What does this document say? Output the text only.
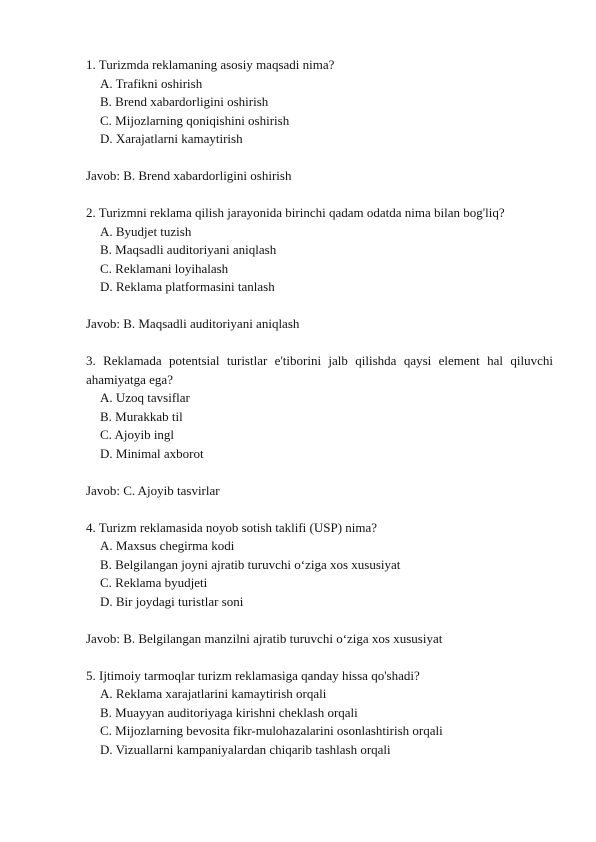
1. Turizmda reklamaning asosiy maqsadi nima?

A. Trafikni oshirish

B. Brend xabardorligini oshirish

C. Mijozlarning qoniqishini oshirish

D. Xarajatlarni kamaytirish

Javob: B. Brend xabardorligini oshirish

2. Turizmni reklama qilish jarayonida birinchi qadam odatda nima bilan bog'liq?

A. Byudjet tuzish

B. Maqsadli auditoriyani aniqlash

C. Reklamani loyihalash

D. Reklama platformasini tanlash

Javob: B. Maqsadli auditoriyani aniqlash

3. Reklamada potentsial turistlar e'tiborini jalb qilishda qaysi element hal qiluvchi ahamiyatga ega?

A. Uzoq tavsiflar

B. Murakkab til

C. Ajoyib ingl

D. Minimal axborot

Javob: C. Ajoyib tasvirlar

4. Turizm reklamasida noyob sotish taklifi (USP) nima?

A. Maxsus chegirma kodi

B. Belgilangan joyni ajratib turuvchi o‘ziga xos xususiyat

C. Reklama byudjeti

D. Bir joydagi turistlar soni

Javob: B. Belgilangan manzilni ajratib turuvchi o‘ziga xos xususiyat

5. Ijtimoiy tarmoqlar turizm reklamasiga qanday hissa qo'shadi?

A. Reklama xarajatlarini kamaytirish orqali

B. Muayyan auditoriyaga kirishni cheklash orqali

C. Mijozlarning bevosita fikr-mulohazalarini osonlashtirish orqali

D. Vizuallarni kampaniyalardan chiqarib tashlash orqali
